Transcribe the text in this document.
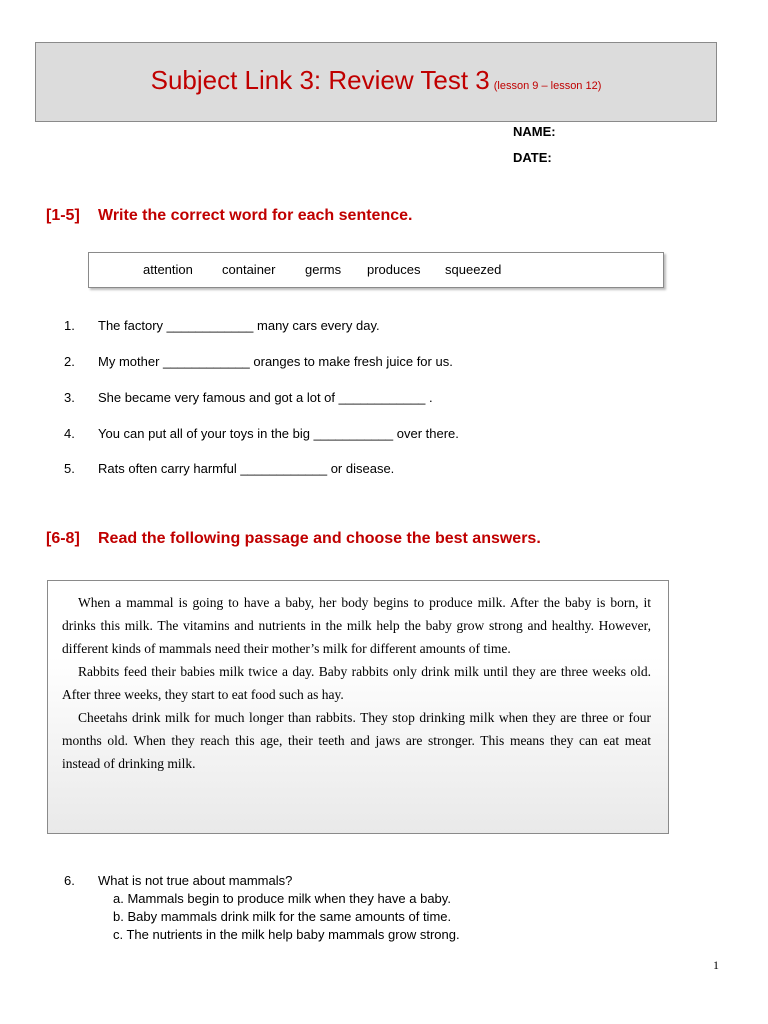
Subject Link 3: Review Test 3 (lesson 9 – lesson 12)
NAME:
DATE:
[1-5] Write the correct word for each sentence.
attention container germs produces squeezed
1. The factory ____________ many cars every day.
2. My mother ____________ oranges to make fresh juice for us.
3. She became very famous and got a lot of ____________ .
4. You can put all of your toys in the big ___________ over there.
5. Rats often carry harmful ____________ or disease.
[6-8] Read the following passage and choose the best answers.

When a mammal is going to have a baby, her body begins to produce milk. After the baby is born, it drinks this milk. The vitamins and nutrients in the milk help the baby grow strong and healthy. However, different kinds of mammals need their mother’s milk for different amounts of time.

Rabbits feed their babies milk twice a day. Baby rabbits only drink milk until they are three weeks old. After three weeks, they start to eat food such as hay.

Cheetahs drink milk for much longer than rabbits. They stop drinking milk when they are three or four months old. When they reach this age, their teeth and jaws are stronger. This means they can eat meat instead of drinking milk.

6. What is not true about mammals?
a. Mammals begin to produce milk when they have a baby.
b. Baby mammals drink milk for the same amounts of time.
c. The nutrients in the milk help baby mammals grow strong.
1
